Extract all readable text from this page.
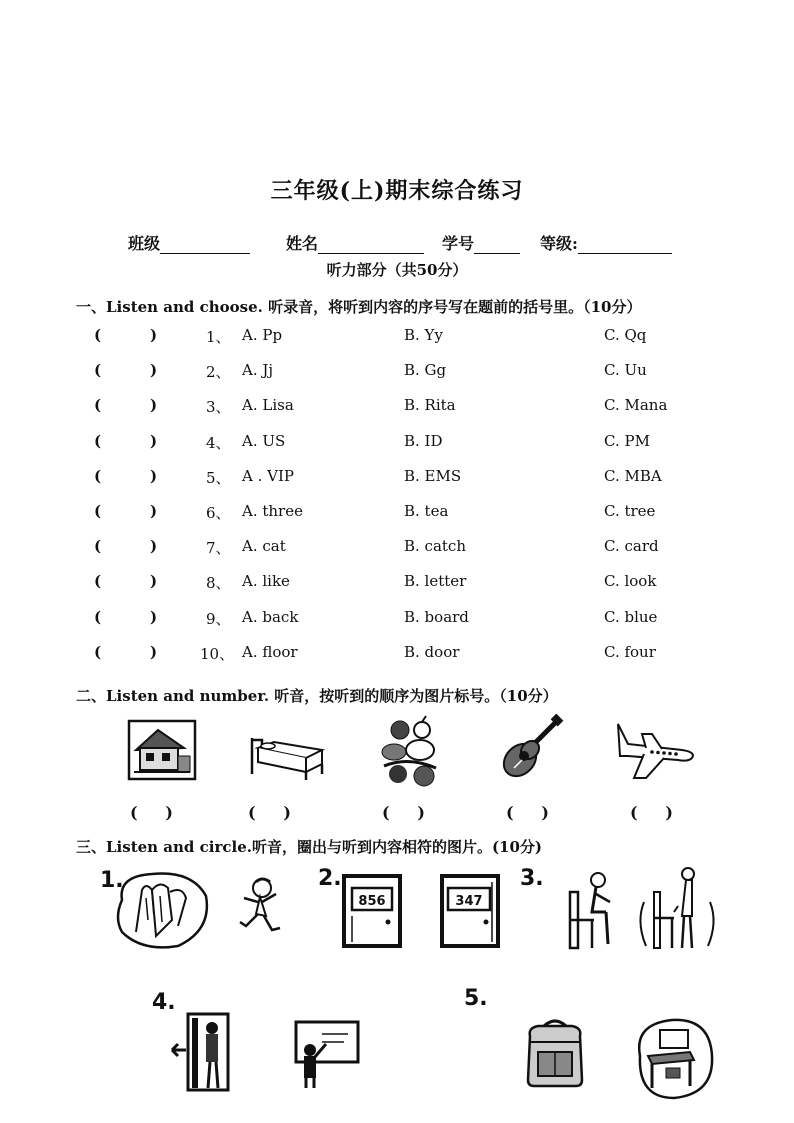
三年级(上)期末综合练习
班级	姓名	学号	等级:
听力部分（共50分）
一、Listen and choose. 听录音，将听到内容的序号写在题前的括号里。（10分）
(	)	1、 A. Pp	B. Yy	C. Qq
(	)	2、 A. Jj	B. Gg	C. Uu
(	)	3、 A. Lisa	B. Rita	C. Mana
(	)	4、 A. US	B. ID	C. PM
(	)	5、 A . VIP	B. EMS	C. MBA
(	)	6、 A. three	B. tea	C. tree
(	)	7、 A. cat	B. catch	C. card
(	)	8、 A. like	B. letter	C. look
(	)	9、 A. back	B. board	C. blue
(	)	10、 A. floor	B. door	C. four
二、Listen and number. 听音，按听到的顺序为图片标号。（10分）
(     )	(     )	(     )	(     )	(     )
三、Listen and circle.听音，圈出与听到内容相符的图片。(10分)
1.	2.	3.
4.	5.
856	347
